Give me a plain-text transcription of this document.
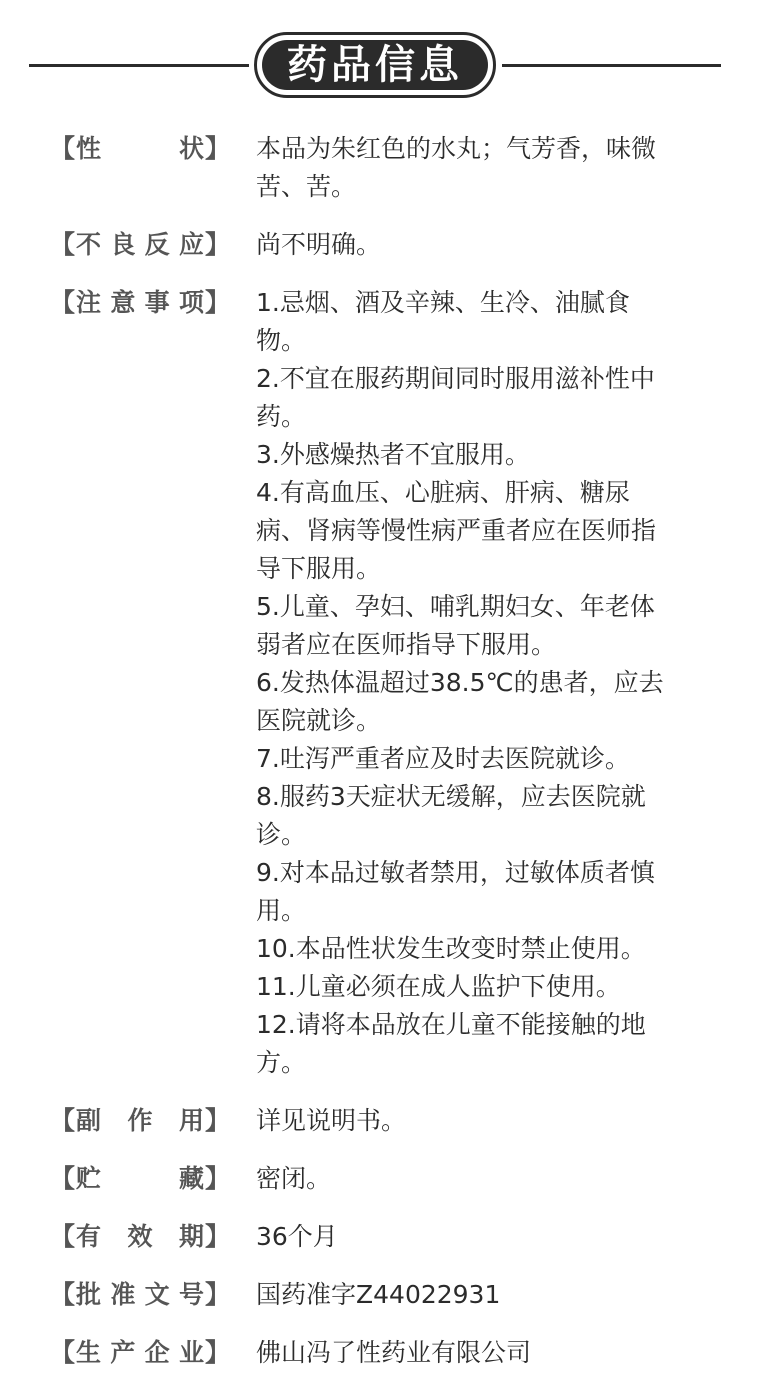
药品信息
【 性	状 】 本品为朱红色的水丸；气芳香，味微
苦、苦。
【 不 良 反 应 】 尚不明确。
【 注 意 事 项 】 1.忌烟、酒及辛辣、生冷、油腻食
物。
2.不宜在服药期间同时服用滋补性中
药。
3.外感燥热者不宜服用。
4.有高血压、心脏病、肝病、糖尿
病、肾病等慢性病严重者应在医师指
导下服用。
5.儿童、孕妇、哺乳期妇女、年老体
弱者应在医师指导下服用。
6.发热体温超过38.5℃的患者，应去
医院就诊。
7.吐泻严重者应及时去医院就诊。
8.服药3天症状无缓解，应去医院就
诊。
9.对本品过敏者禁用，过敏体质者慎
用。
10.本品性状发生改变时禁止使用。
11.儿童必须在成人监护下使用。
12.请将本品放在儿童不能接触的地
方。
【 副 作 用 】 详见说明书。
【 贮	藏 】 密闭。
【 有 效 期 】 36个月
【 批 准 文 号 】 国药准字Z44022931
【 生 产 企 业 】 佛山冯了性药业有限公司
